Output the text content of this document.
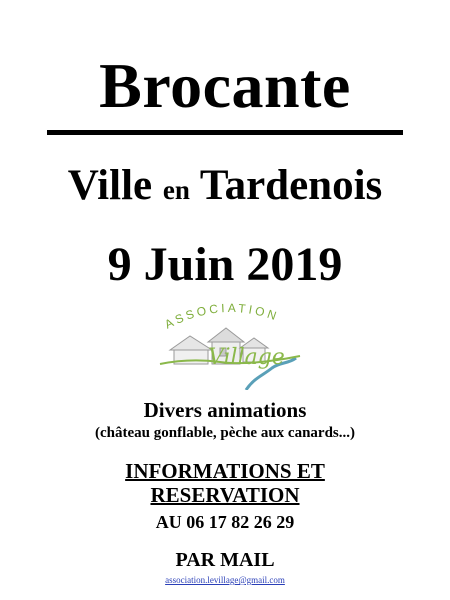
Brocante
Ville en Tardenois
9 Juin 2019
ASSOCIATION
Village
Divers animations
(château gonflable, pèche aux canards...)
INFORMATIONS ET
RESERVATION
AU 06 17 82 26 29
PAR MAIL
association.levillage@gmail.com
